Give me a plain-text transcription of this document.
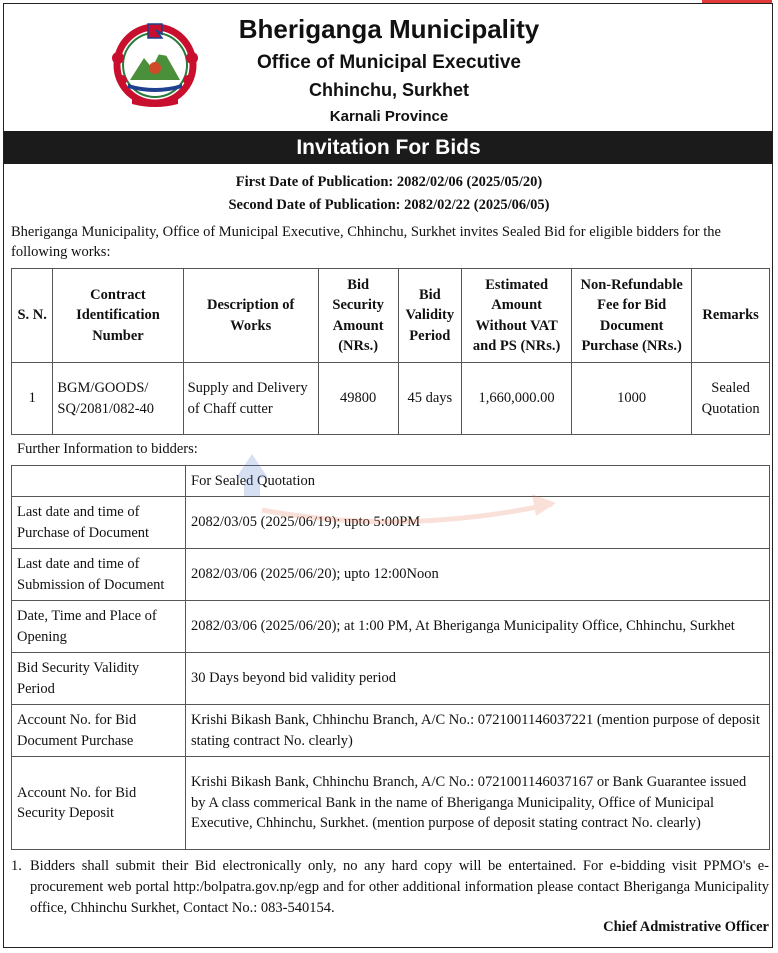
Bheriganga Municipality
Office of Municipal Executive
Chhinchu, Surkhet
Karnali Province
Invitation For Bids
First Date of Publication: 2082/02/06 (2025/05/20)
Second Date of Publication: 2082/02/22 (2025/06/05)
Bheriganga Municipality, Office of Municipal Executive, Chhinchu, Surkhet invites Sealed Bid for eligible bidders for the following works:
S. N.	Contract Identification Number	Description of Works	Bid Security Amount (NRs.)	Bid Validity Period	Estimated Amount Without VAT and PS (NRs.)	Non-Refundable Fee for Bid Document Purchase (NRs.)	Remarks
1	BGM/GOODS/ SQ/2081/082-40	Supply and Delivery of Chaff cutter	49800	45 days	1,660,000.00	1000	Sealed Quotation
Further Information to bidders:
	For Sealed Quotation
Last date and time of Purchase of Document	2082/03/05 (2025/06/19); upto 5:00PM
Last date and time of Submission of Document	2082/03/06 (2025/06/20); upto 12:00Noon
Date, Time and Place of Opening	2082/03/06 (2025/06/20); at 1:00 PM, At Bheriganga Municipality Office, Chhinchu, Surkhet
Bid Security Validity Period	30 Days beyond bid validity period
Account No. for Bid Document Purchase	Krishi Bikash Bank, Chhinchu Branch, A/C No.: 0721001146037221 (mention purpose of deposit stating contract No. clearly)
Account No. for Bid Security Deposit	Krishi Bikash Bank, Chhinchu Branch, A/C No.: 0721001146037167 or Bank Guarantee issued by A class commerical Bank in the name of Bheriganga Municipality, Office of Municipal Executive, Chhinchu, Surkhet. (mention purpose of deposit stating contract No. clearly)
1. Bidders shall submit their Bid electronically only, no any hard copy will be entertained. For e-bidding visit PPMO's e-procurement web portal http:/bolpatra.gov.np/egp and for other additional information please contact Bheriganga Municipality office, Chhinchu Surkhet, Contact No.: 083-540154.
Chief Admistrative Officer
